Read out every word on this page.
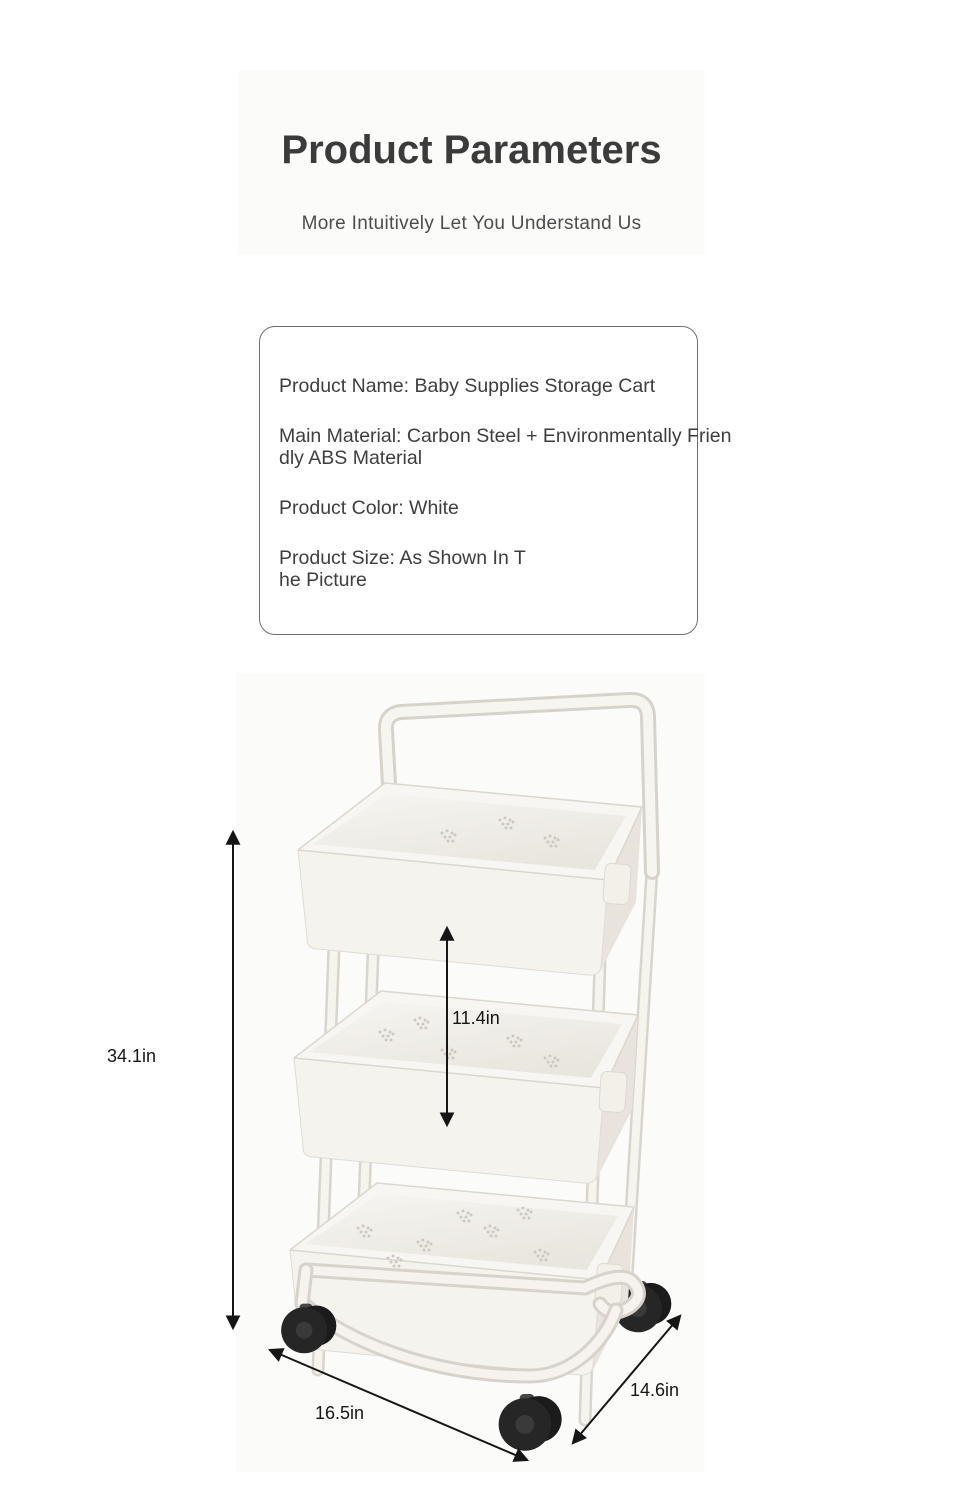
Product Parameters
More Intuitively Let You Understand Us
Product Name: Baby Supplies Storage Cart
Main Material: Carbon Steel + Environmentally Frien
dly ABS Material
Product Color: White
Product Size: As Shown In T
he Picture
34.1in
11.4in
16.5in
14.6in
